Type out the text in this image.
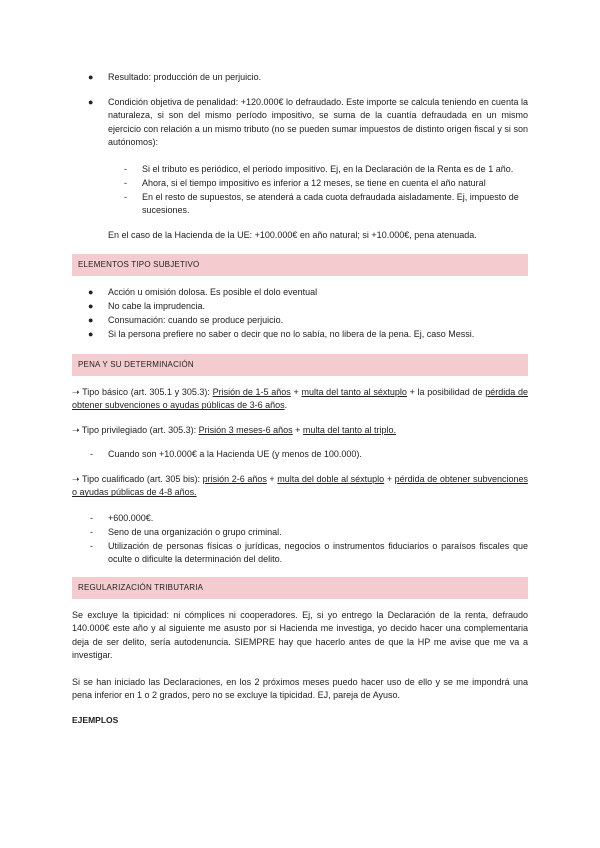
●	Resultado: producción de un perjuicio.
●	Condición objetiva de penalidad: +120.000€ lo defraudado. Este importe se calcula teniendo en cuenta la naturaleza, si son del mismo período impositivo, se suma de la cuantía defraudada en un mismo ejercicio con relación a un mismo tributo (no se pueden sumar impuestos de distinto origen fiscal y si son autónomos):
-	Si el tributo es periódico, el periodo impositivo. Ej, en la Declaración de la Renta es de 1 año.
-	Ahora, si el tiempo impositivo es inferior a 12 meses, se tiene en cuenta el año natural
-	En el resto de supuestos, se atenderá a cada cuota defraudada aisladamente. Ej, impuesto de sucesiones.
En el caso de la Hacienda de la UE: +100.000€ en año natural; si +10.000€, pena atenuada.
ELEMENTOS TIPO SUBJETIVO
●	Acción u omisión dolosa. Es posible el dolo eventual
●	No cabe la imprudencia.
●	Consumación: cuando se produce perjuicio.
●	Si la persona prefiere no saber o decir que no lo sabía, no libera de la pena. Ej, caso Messi.
PENA Y SU DETERMINACIÓN
➝ Tipo básico (art. 305.1 y 305.3): Prisión de 1-5 años + multa del tanto al séxtuplo + la posibilidad de pérdida de obtener subvenciones o ayudas públicas de 3-6 años.
➝ Tipo privilegiado (art. 305.3): Prisión 3 meses-6 años + multa del tanto al triplo.
-	Cuando son +10.000€ a la Hacienda UE (y menos de 100.000).
➝ Tipo cualificado (art. 305 bis): prisión 2-6 años + multa del doble al séxtuplo + pérdida de obtener subvenciones o ayudas públicas de 4-8 años.
-	+600.000€.
-	Seno de una organización o grupo criminal.
-	Utilización de personas físicas o jurídicas, negocios o instrumentos fiduciarios o paraísos fiscales que oculte o dificulte la determinación del delito.
REGULARIZACIÓN TRIBUTARIA
Se excluye la tipicidad: ni cómplices ni cooperadores. Ej, si yo entrego la Declaración de la renta, defraudo 140.000€ este año y al siguiente me asusto por si Hacienda me investiga, yo decido hacer una complementaria deja de ser delito, sería autodenuncia. SIEMPRE hay que hacerlo antes de que la HP me avise que me va a investigar.
Si se han iniciado las Declaraciones, en los 2 próximos meses puedo hacer uso de ello y se me impondrá una pena inferior en 1 o 2 grados, pero no se excluye la tipicidad. EJ, pareja de Ayuso.
EJEMPLOS
